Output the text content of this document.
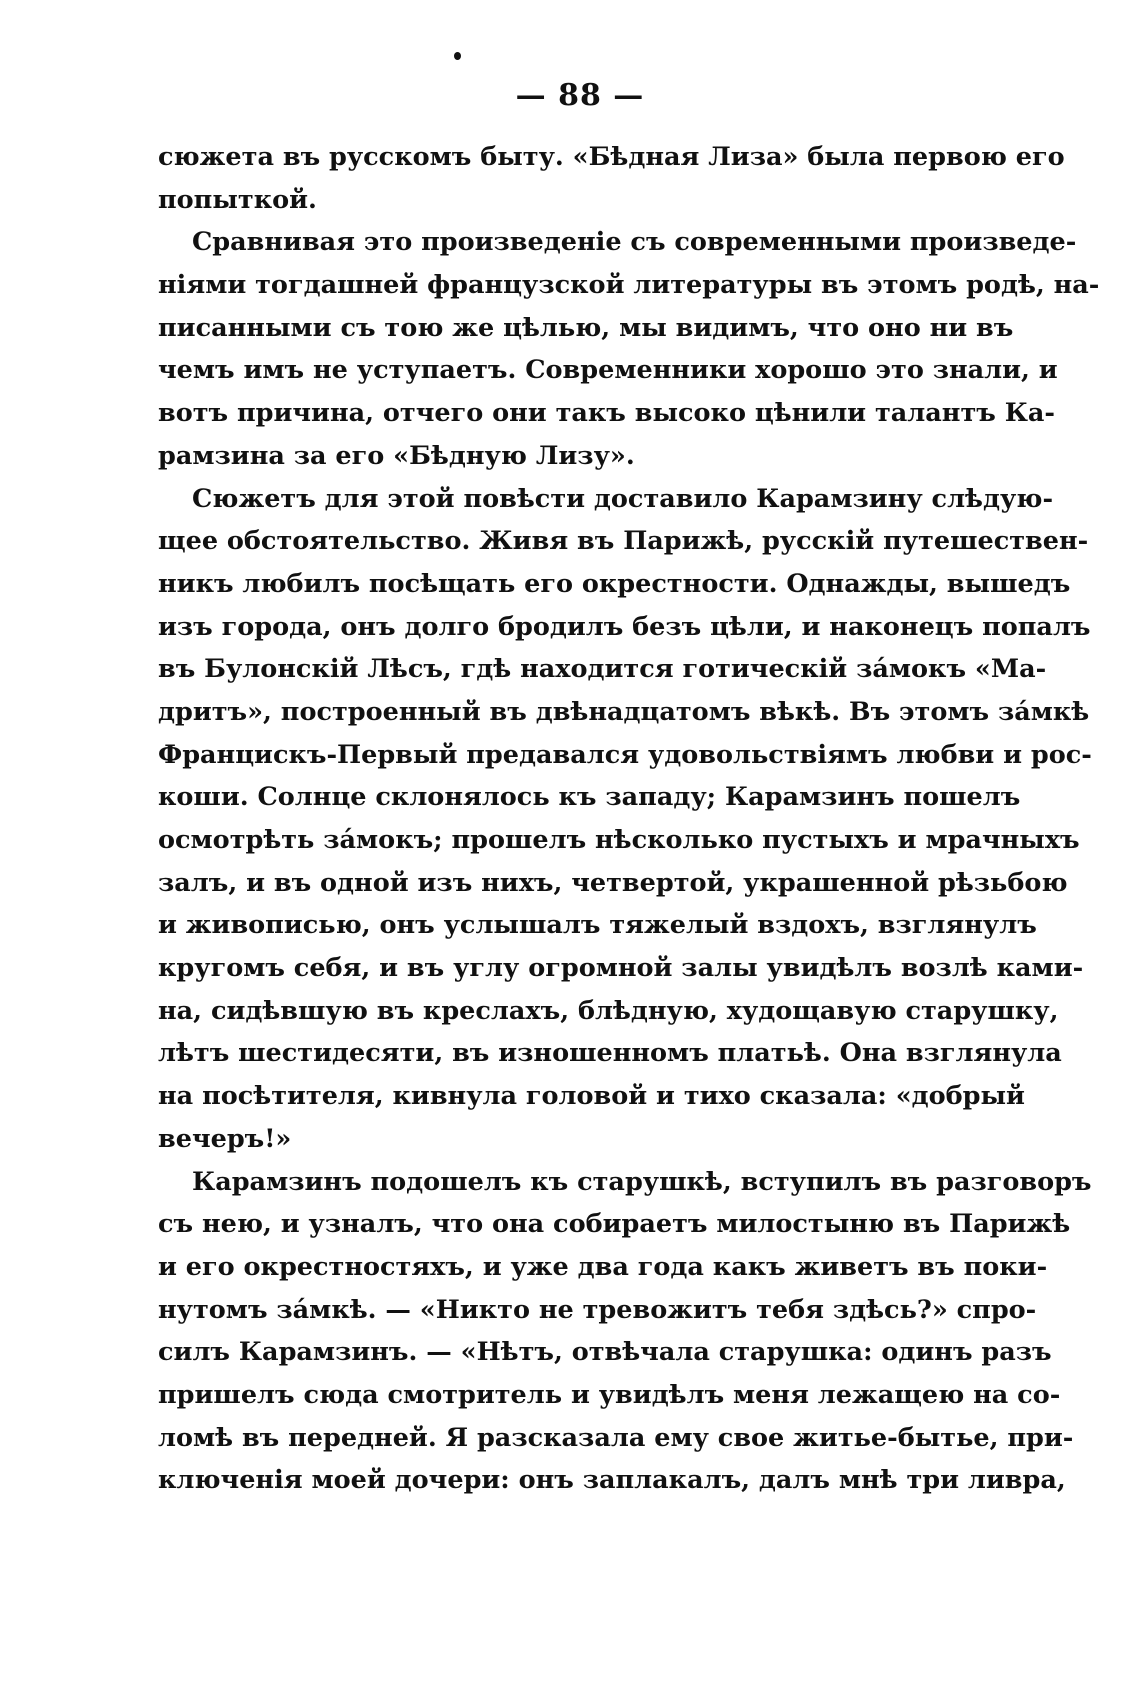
— 88 —
сюжета въ русскомъ быту. «Бѣдная Лиза» была первою его
попыткой.
Сравнивая это произведеніе съ современными произведе-
ніями тогдашней французской литературы въ этомъ родѣ, на-
писанными съ тою же цѣлью, мы видимъ, что оно ни въ
чемъ имъ не уступаетъ. Современники хорошо это знали, и
вотъ причина, отчего они такъ высоко цѣнили талантъ Ка-
рамзина за его «Бѣдную Лизу».
Сюжетъ для этой повѣсти доставило Карамзину слѣдую-
щее обстоятельство. Живя въ Парижѣ, русскій путешествен-
никъ любилъ посѣщать его окрестности. Однажды, вышедъ
изъ города, онъ долго бродилъ безъ цѣли, и наконецъ попалъ
въ Булонскій Лѣсъ, гдѣ находится готическій зáмокъ «Ма-
дритъ», построенный въ двѣнадцатомъ вѣкѣ. Въ этомъ зáмкѣ
Францискъ-Первый предавался удовольствіямъ любви и рос-
коши. Солнце склонялось къ западу; Карамзинъ пошелъ
осмотрѣть зáмокъ; прошелъ нѣсколько пустыхъ и мрачныхъ
залъ, и въ одной изъ нихъ, четвертой, украшенной рѣзьбою
и живописью, онъ услышалъ тяжелый вздохъ, взглянулъ
кругомъ себя, и въ углу огромной залы увидѣлъ возлѣ ками-
на, сидѣвшую въ креслахъ, блѣдную, худощавую старушку,
лѣтъ шестидесяти, въ изношенномъ платьѣ. Она взглянула
на посѣтителя, кивнула головой и тихо сказала: «добрый
вечеръ!»
Карамзинъ подошелъ къ старушкѣ, вступилъ въ разговоръ
съ нею, и узналъ, что она собираетъ милостыню въ Парижѣ
и его окрестностяхъ, и уже два года какъ живетъ въ поки-
нутомъ зáмкѣ. — «Никто не тревожитъ тебя здѣсь?» спро-
силъ Карамзинъ. — «Нѣтъ, отвѣчала старушка: одинъ разъ
пришелъ сюда смотритель и увидѣлъ меня лежащею на со-
ломѣ въ передней. Я разсказала ему свое житье-бытье, при-
ключенія моей дочери: онъ заплакалъ, далъ мнѣ три ливра,
